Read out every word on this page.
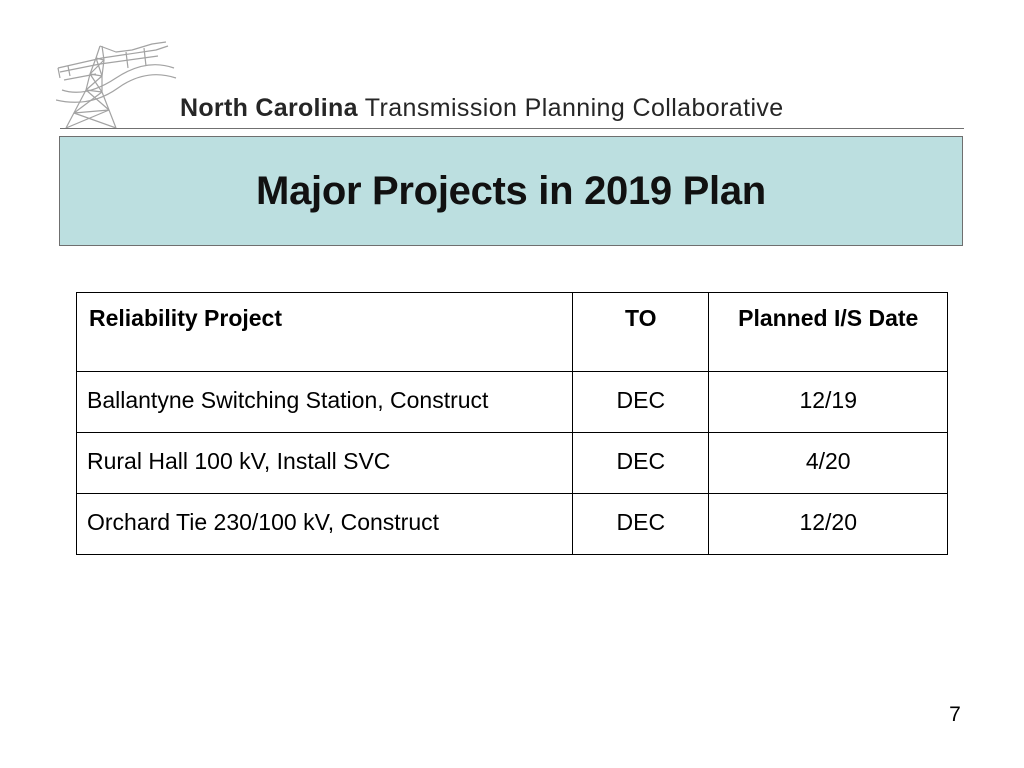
North Carolina Transmission Planning Collaborative
Major Projects in 2019 Plan
Reliability Project	TO	Planned I/S Date

Ballantyne Switching Station, Construct	DEC	12/19

Rural Hall 100 kV, Install SVC	DEC	4/20

Orchard Tie 230/100 kV, Construct	DEC	12/20
7
